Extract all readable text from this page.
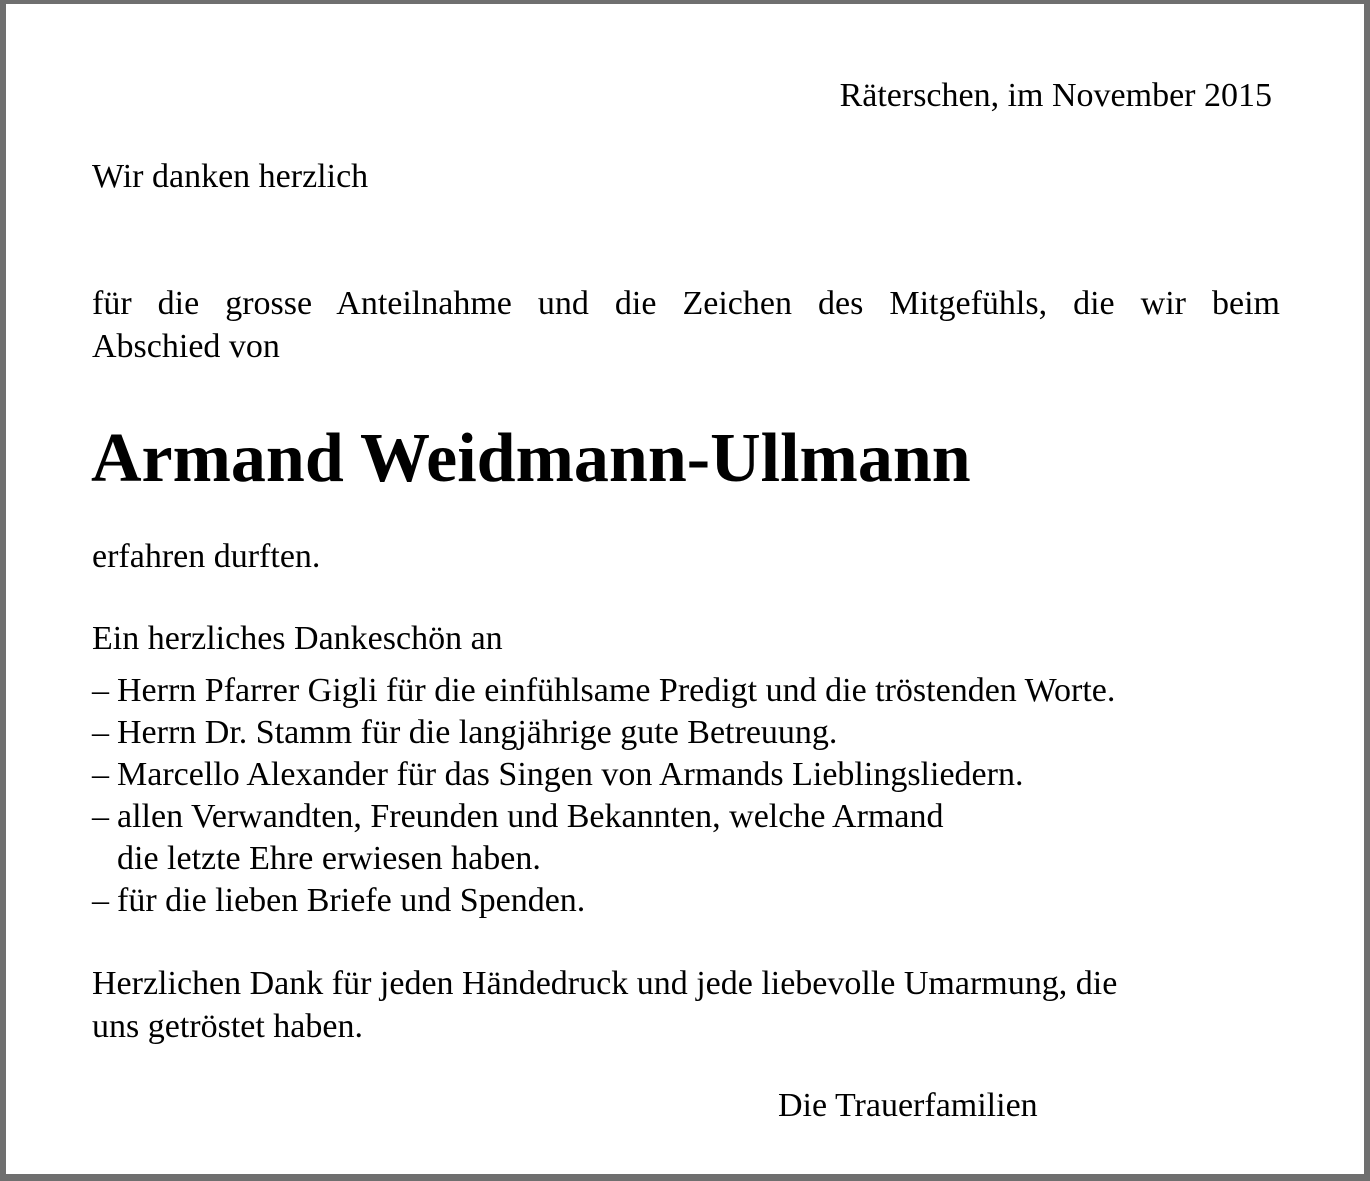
Räterschen, im November 2015
Wir danken herzlich
für die grosse Anteilnahme und die Zeichen des Mitgefühls, die wir beim
Abschied von
Armand Weidmann-Ullmann
erfahren durften.
Ein herzliches Dankeschön an
– Herrn Pfarrer Gigli für die einfühlsame Predigt und die tröstenden Worte.
– Herrn Dr. Stamm für die langjährige gute Betreuung.
– Marcello Alexander für das Singen von Armands Lieblingsliedern.
– allen Verwandten, Freunden und Bekannten, welche Armand
die letzte Ehre erwiesen haben.
– für die lieben Briefe und Spenden.
Herzlichen Dank für jeden Händedruck und jede liebevolle Umarmung, die
uns getröstet haben.
Die Trauerfamilien
